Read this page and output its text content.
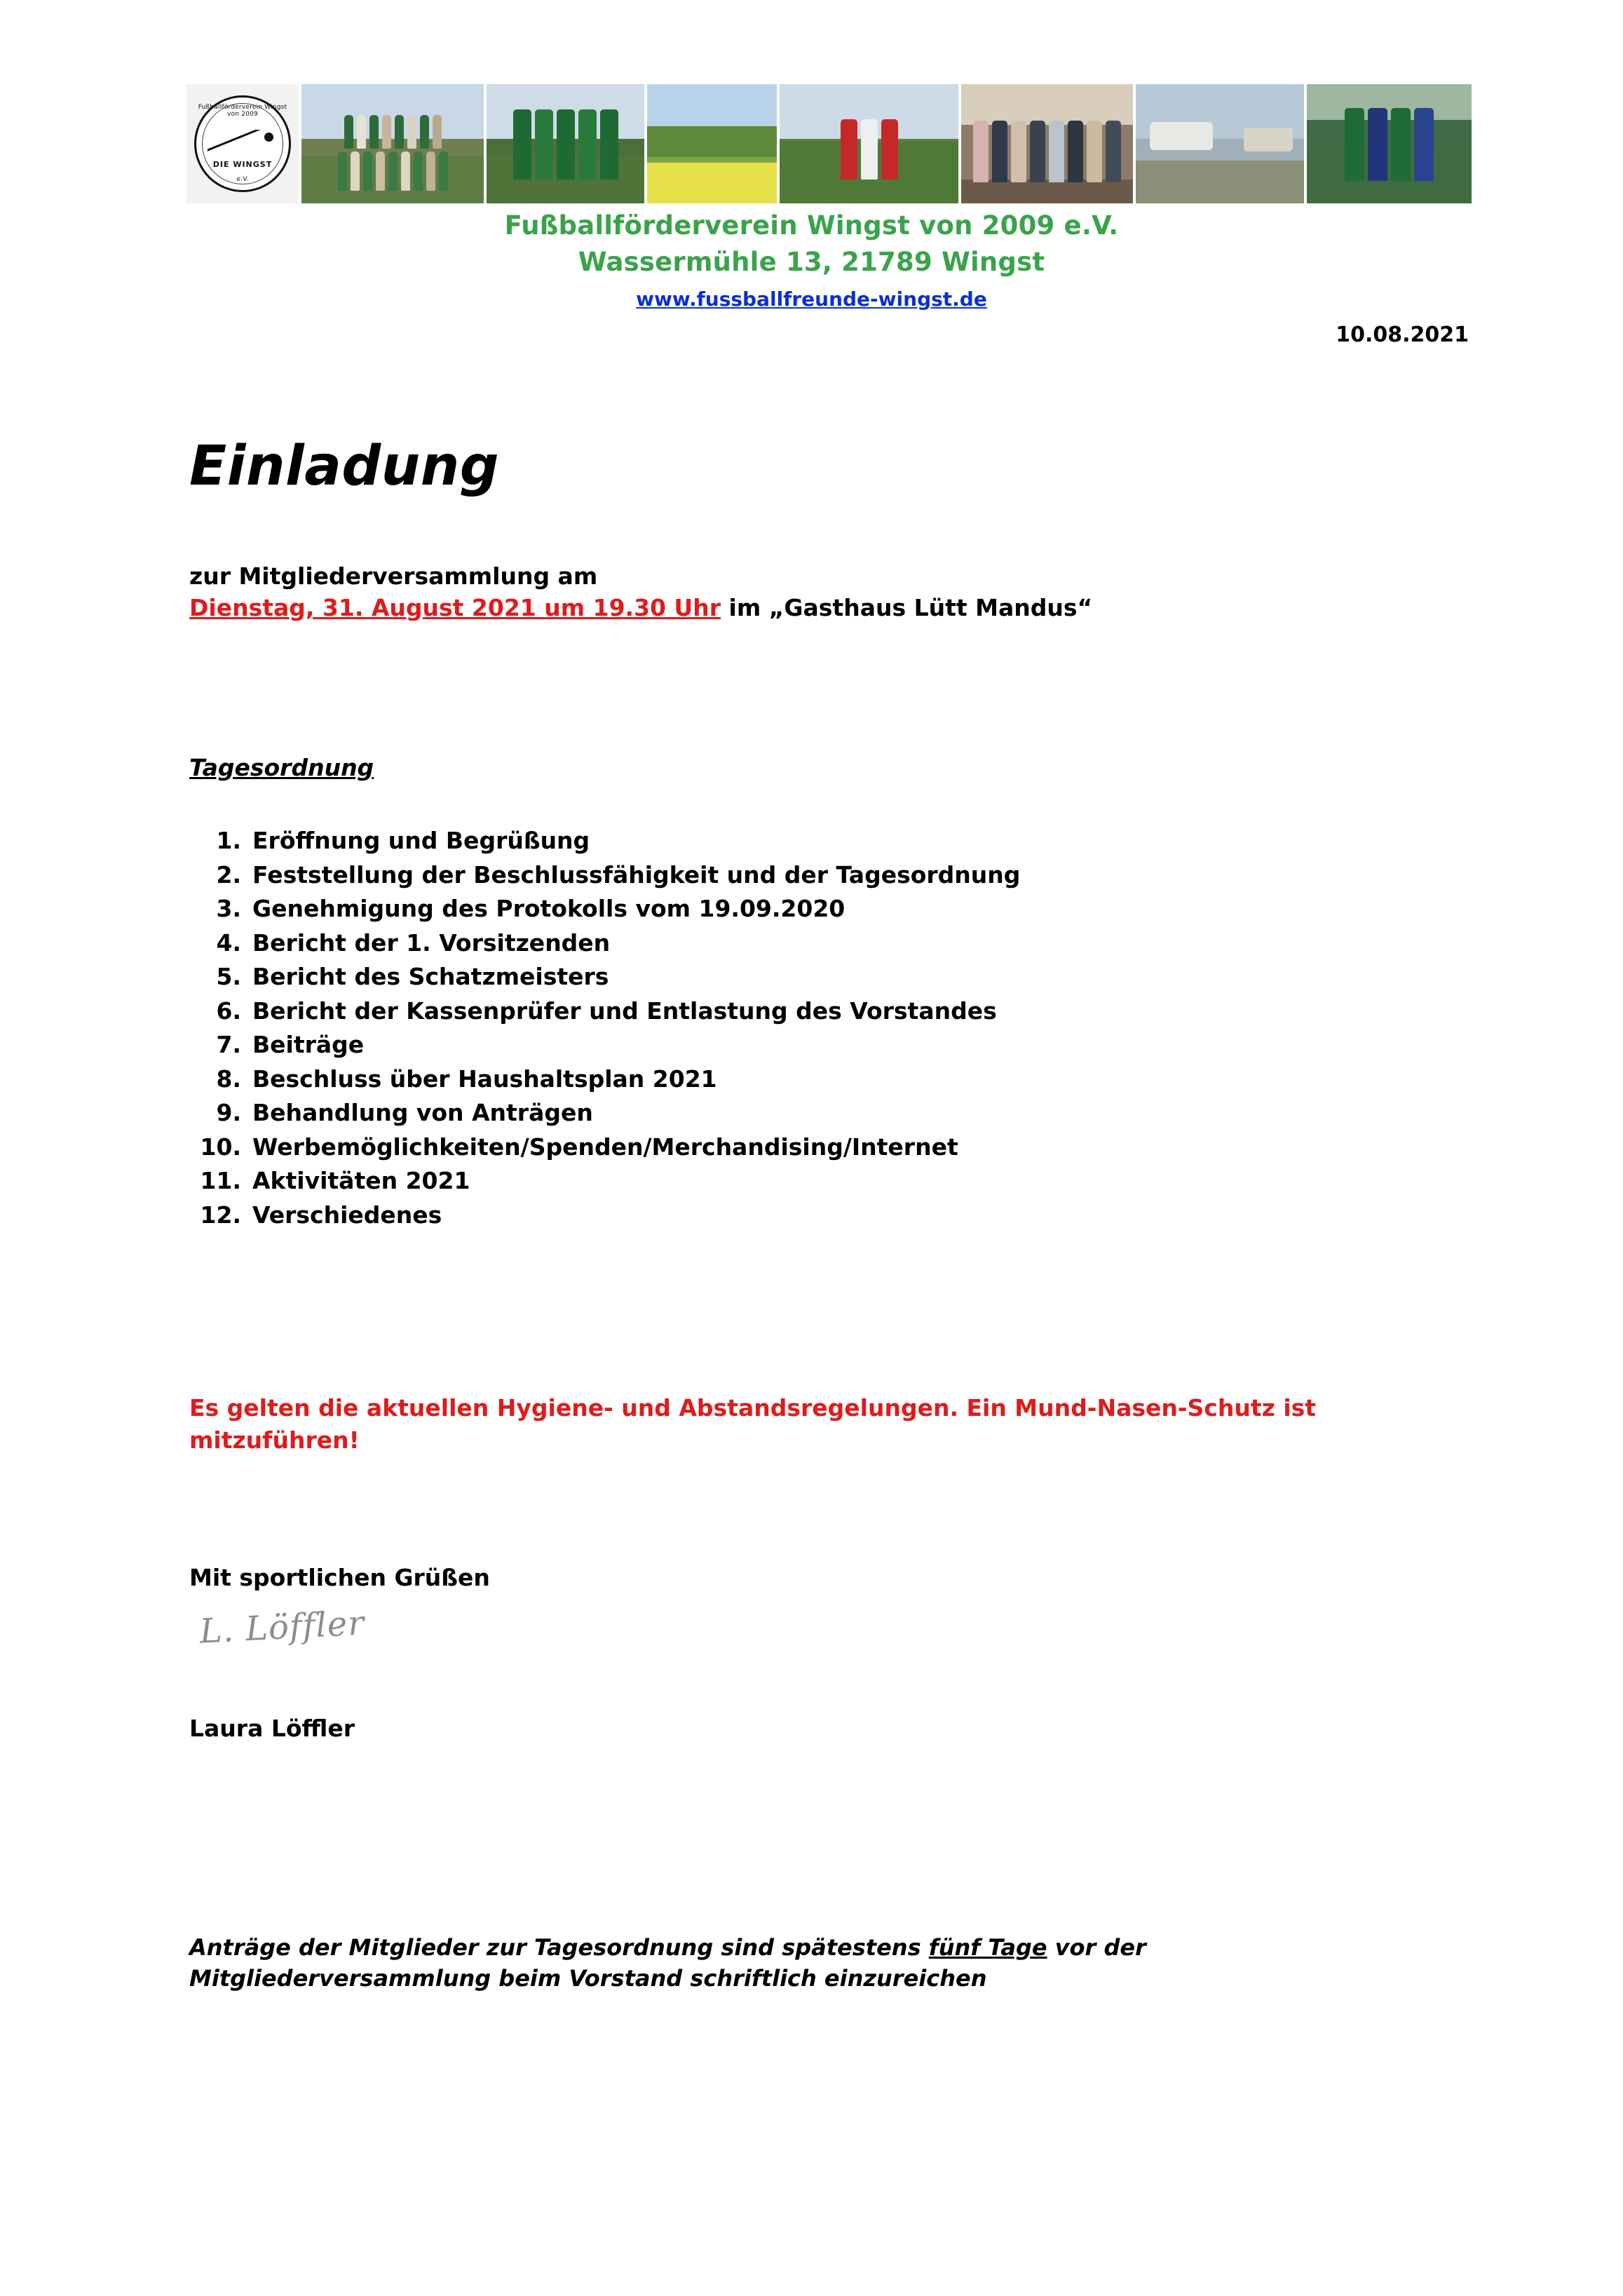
Fußballförderverein Wingst von 2009
DIE WINGST
e.V.
Fußballförderverein Wingst von 2009 e.V.
Wassermühle 13, 21789 Wingst
www.fussballfreunde-wingst.de
10.08.2021
Einladung
zur Mitgliederversammlung am
Dienstag, 31. August 2021 um 19.30 Uhr im „Gasthaus Lütt Mandus“
Tagesordnung
1. Eröffnung und Begrüßung
2. Feststellung der Beschlussfähigkeit und der Tagesordnung
3. Genehmigung des Protokolls vom 19.09.2020
4. Bericht der 1. Vorsitzenden
5. Bericht des Schatzmeisters
6. Bericht der Kassenprüfer und Entlastung des Vorstandes
7. Beiträge
8. Beschluss über Haushaltsplan 2021
9. Behandlung von Anträgen
10. Werbemöglichkeiten/Spenden/Merchandising/Internet
11. Aktivitäten 2021
12. Verschiedenes
Es gelten die aktuellen Hygiene- und Abstandsregelungen. Ein Mund-Nasen-Schutz ist mitzuführen!
Mit sportlichen Grüßen
L. Löffler
Laura Löffler
Anträge der Mitglieder zur Tagesordnung sind spätestens fünf Tage vor der Mitgliederversammlung beim Vorstand schriftlich einzureichen
